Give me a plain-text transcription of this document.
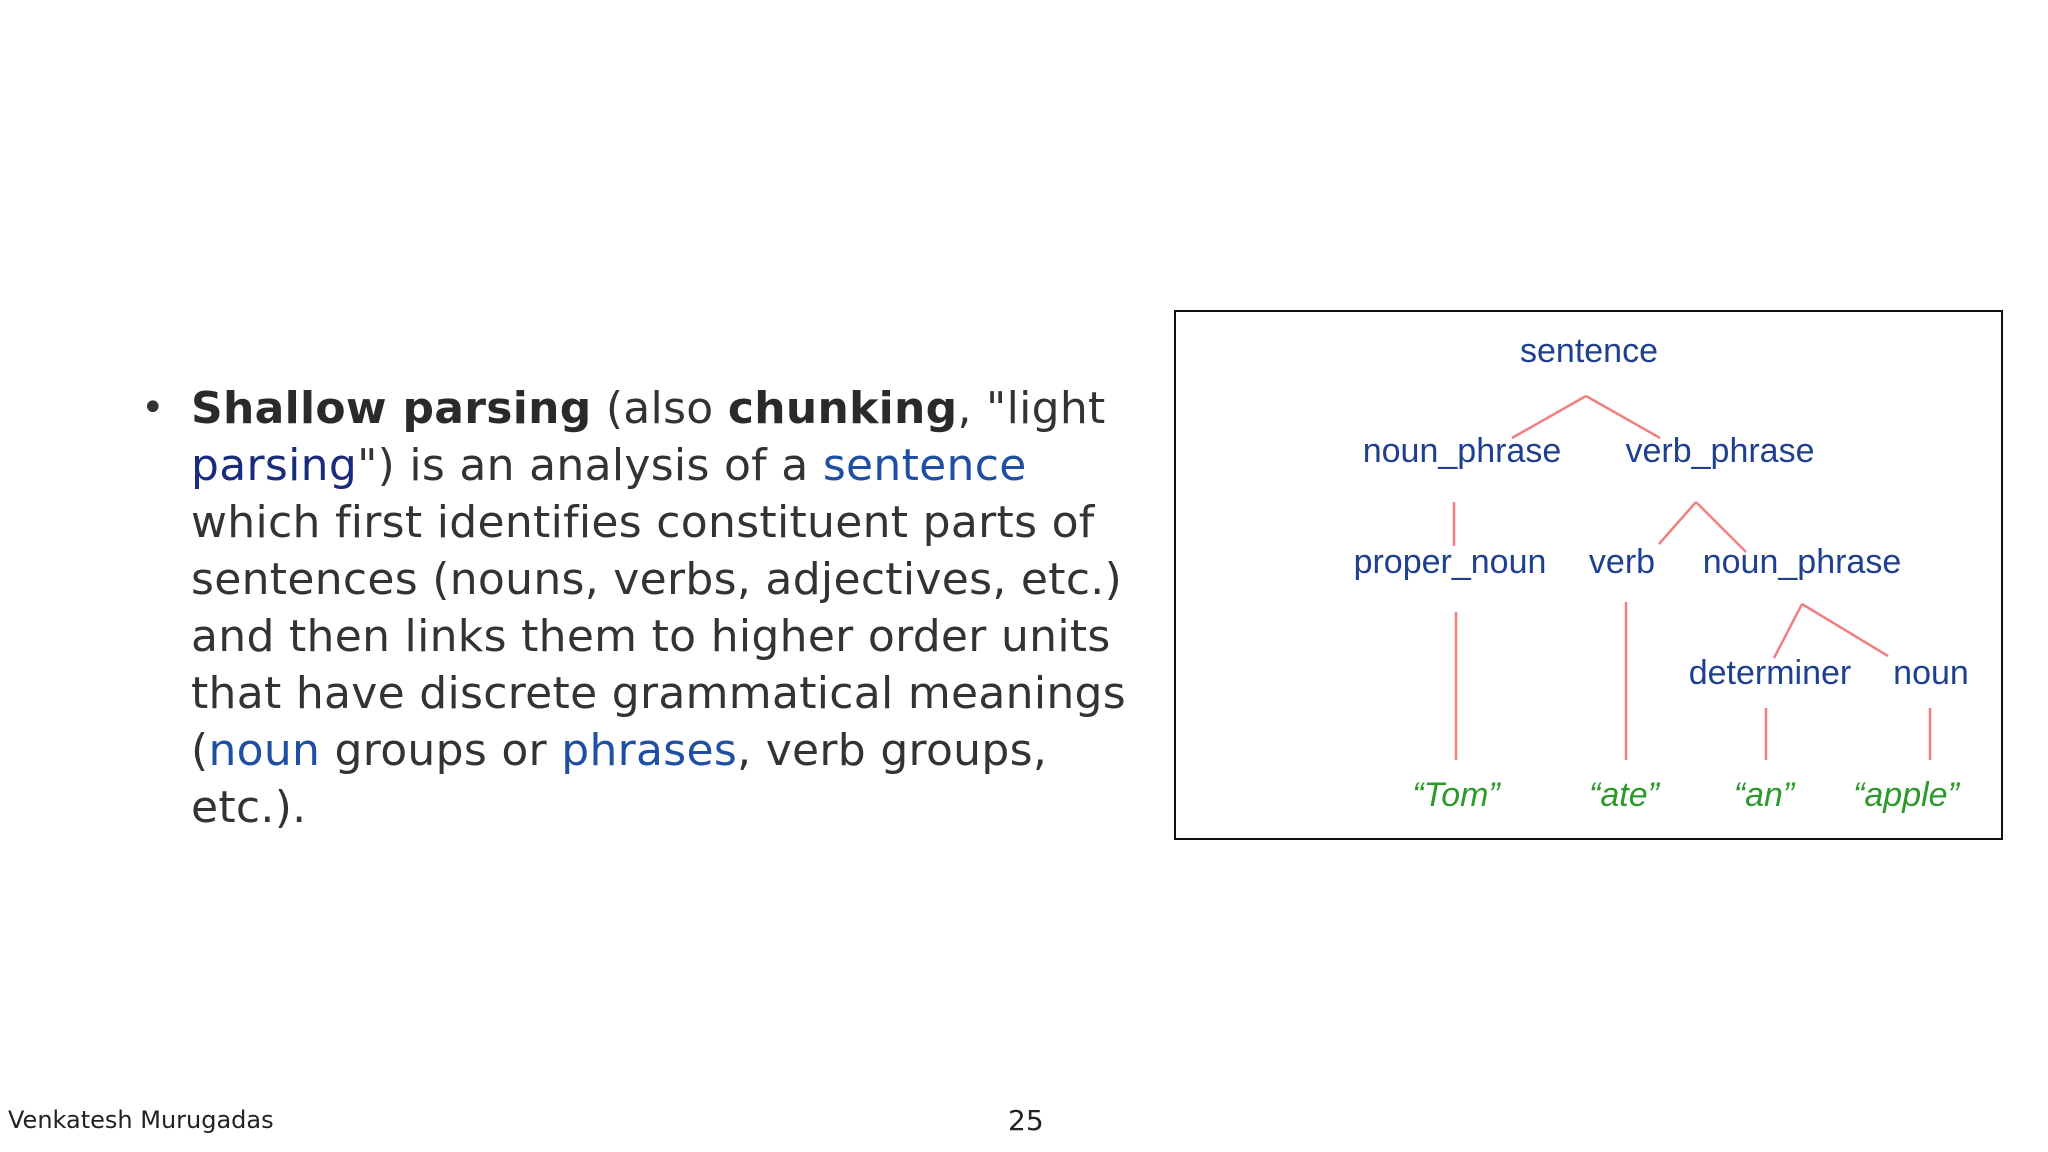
• Shallow parsing (also chunking, "light parsing") is an analysis of a sentence which first identifies constituent parts of sentences (nouns, verbs, adjectives, etc.) and then links them to higher order units that have discrete grammatical meanings (noun groups or phrases, verb groups, etc.).
sentence
noun_phrase verb_phrase
proper_noun verb noun_phrase
determiner noun
“Tom”	“ate” “an” “apple”
Venkatesh Murugadas	25
